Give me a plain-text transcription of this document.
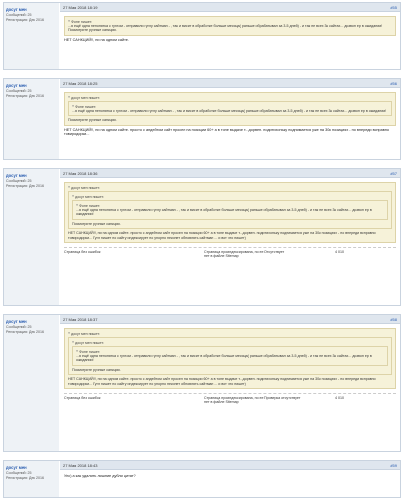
досуг мен
Сообщений: 25
Регистрация: Дек 2016
27 Мая 2018 18:19	#55
❝Фоне пишет:
...я ещё одна непонятка с гуглом - отправили гуглу сайтмап - , так и висит в обработке больше месяца( раньше обрабатывал за 3-5 дней) - и так не всех 3к сайтах... дозвон ер в ожидании!
Посмотрите ручные санкции.
НЕТ САНКЦИЙ!!, ни на одном сайте.
досуг мен
Сообщений: 25
Регистрация: Дек 2016
27 Мая 2018 18:25	#56
❝досуг мен пишет:
❝Фоне пишет:
...я ещё одна непонятка с гуглом - отправили гуглу сайтмап - , так и висит в обработке больше месяца( раньше обрабатывал за 3-5 дней) - и так не всех 3к сайтах... дозвон ер в ожидании!
Посмотрите ручные санкции.
НЕТ САНКЦИЙ!!, ни на одном сайте. просто с апдейтом сайт просел на позиции 60+ а в топе выдаче т...дорвен. подитихоньку поднимается уже на 30к позициях - но впереди всправно товиродорки...
досуг мен
Сообщений: 25
Регистрация: Дек 2016
27 Мая 2018 18:36	#57
❝досуг мен пишет:
❝досуг мен пишет:
❝Фоне пишет:
...я ещё одна непонятка с гуглом - отправили гуглу сайтмап - , так и висит в обработке больше месяца( раньше обрабатывал за 3-5 дней) - и так не всех 3к сайтах... дозвон ер в ожидании!
Посмотрите ручные санкции.
НЕТ САНКЦИЙ!!, ни на одном сайте. просто с апдейтом сайт просел на позиции 60+ а в топе выдаче т...дорвен. подитихоньку поднимается уже на 30к позициях - но впереди всправно товиродорки... Гугл пишет по сайту индексирует но упорно неконет обновлять сайтмап ... и вот что пишет)
Страница без ошибок	Страница проиндексирована, но ее нет в файле Sitemap
Отсутствует	4 010
досуг мен
Сообщений: 25
Регистрация: Дек 2016
27 Мая 2018 18:37	#58
❝досуг мен пишет:
❝досуг мен пишет:
❝Фоне пишет:
...я ещё одна непонятка с гуглом - отправили гуглу сайтмап - , так и висит в обработке больше месяца( раньше обрабатывал за 3-5 дней) - и так не всех 3к сайтах... дозвон ер в ожидании!
Посмотрите ручные санкции.
НЕТ САНКЦИЙ!!, ни на одном сайте. просто с апдейтом сайт просел на позиции 60+ а в топе выдаче т...дорвен. подитихоньку поднимается уже на 30к позициях - но впереди всправно товиродорки... Гугл пишет по сайту индексирует но упорно неконет обновлять сайтмап ... и вот что пишет)
Страница без ошибок	Страница проиндексирована, но ее нет в файле Sitemap
Проверка отсутствует	4 010
досуг мен
Сообщений: 25
Регистрация: Дек 2016
27 Мая 2018 18:43	#59
Упс) а как удалить лишние дубли цитат?
